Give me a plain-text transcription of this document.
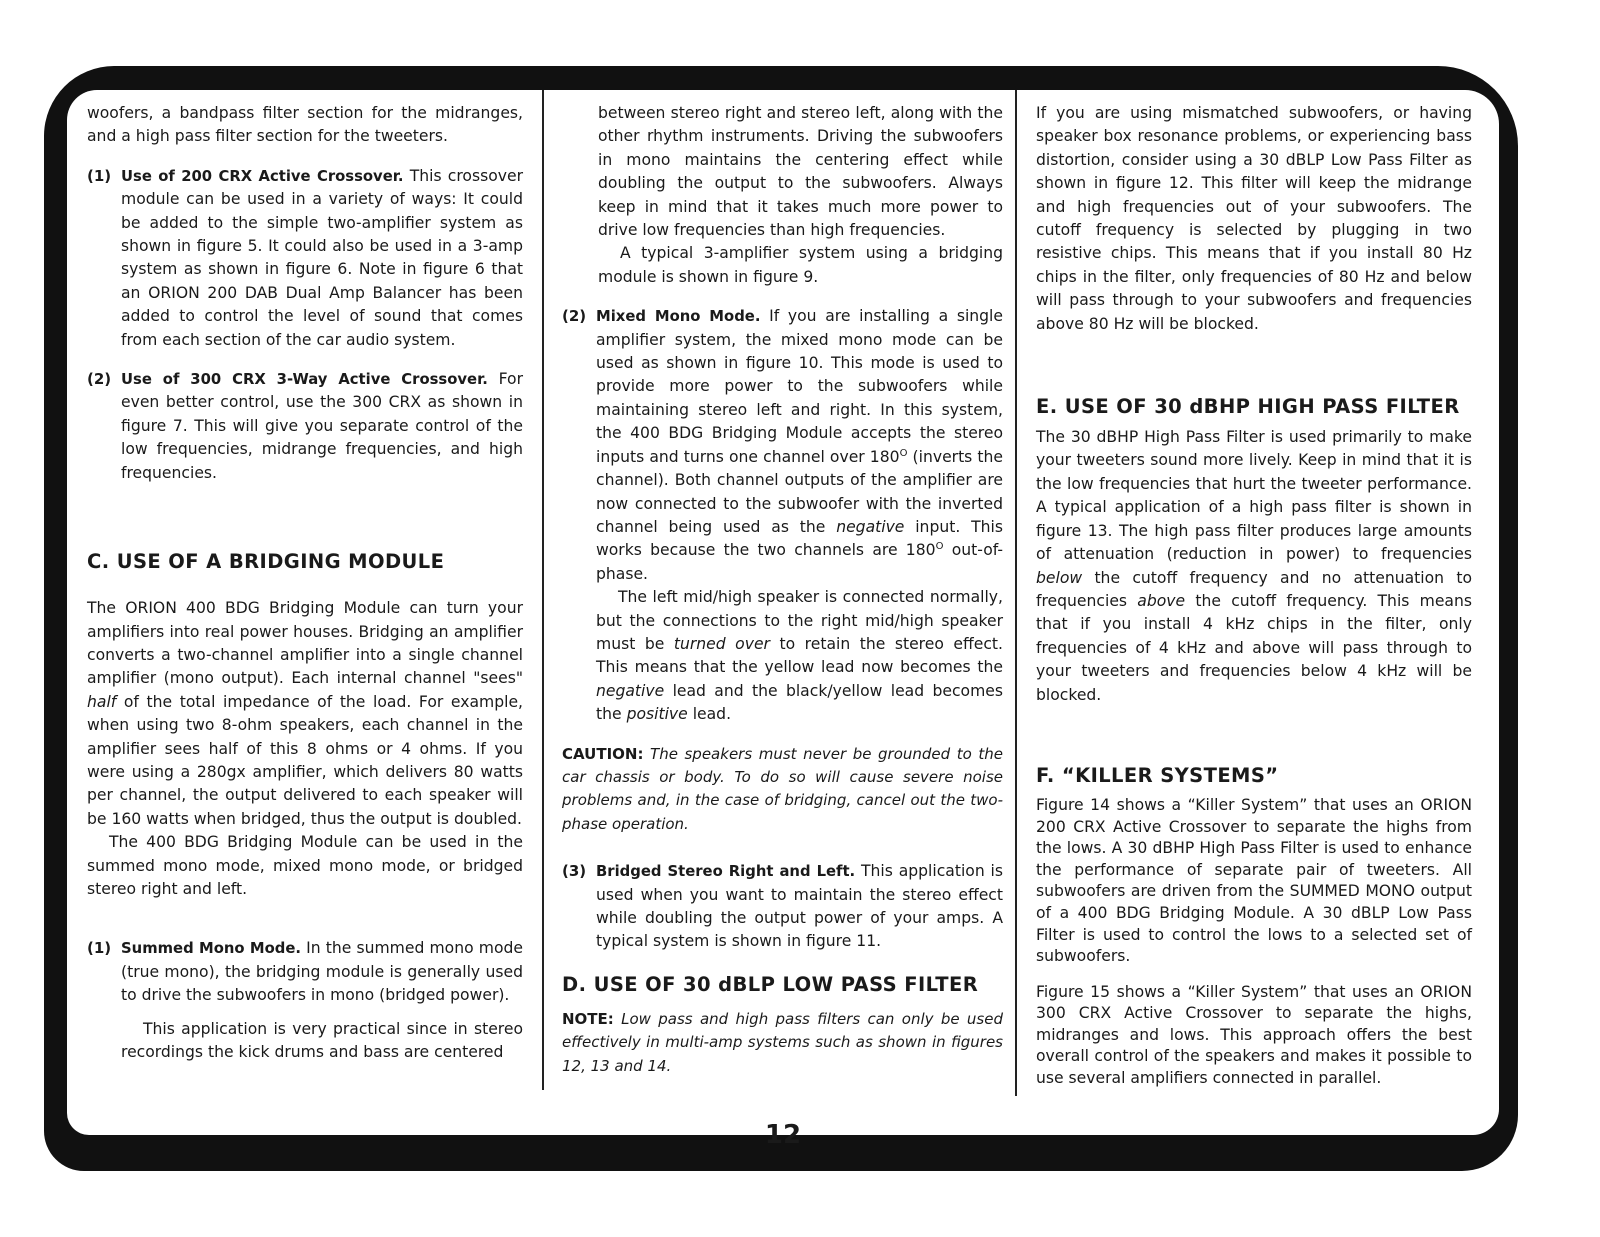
woofers, a bandpass filter section for the midranges, and a high pass filter section for the tweeters.

(1) Use of 200 CRX Active Crossover. This crossover module can be used in a variety of ways: It could be added to the simple two-amplifier system as shown in figure 5. It could also be used in a 3-amp system as shown in figure 6. Note in figure 6 that an ORION 200 DAB Dual Amp Balancer has been added to control the level of sound that comes from each section of the car audio system.
(2) Use of 300 CRX 3-Way Active Crossover. For even better control, use the 300 CRX as shown in figure 7. This will give you separate control of the low frequencies, midrange frequencies, and high frequencies.
C. USE OF A BRIDGING MODULE

The ORION 400 BDG Bridging Module can turn your amplifiers into real power houses. Bridging an amplifier converts a two-channel amplifier into a single channel amplifier (mono output). Each internal channel "sees" half of the total impedance of the load. For example, when using two 8-ohm speakers, each channel in the amplifier sees half of this 8 ohms or 4 ohms. If you were using a 280gx amplifier, which delivers 80 watts per channel, the output delivered to each speaker will be 160 watts when bridged, thus the output is doubled.

The 400 BDG Bridging Module can be used in the summed mono mode, mixed mono mode, or bridged stereo right and left.

(1) Summed Mono Mode. In the summed mono mode (true mono), the bridging module is generally used to drive the subwoofers in mono (bridged power).

This application is very practical since in stereo recordings the kick drums and bass are centered

between stereo right and stereo left, along with the other rhythm instruments. Driving the subwoofers in mono maintains the centering effect while doubling the output to the subwoofers. Always keep in mind that it takes much more power to drive low frequencies than high frequencies.

A typical 3-amplifier system using a bridging module is shown in figure 9.

(2) Mixed Mono Mode. If you are installing a single amplifier system, the mixed mono mode can be used as shown in figure 10. This mode is used to provide more power to the subwoofers while maintaining stereo left and right. In this system, the 400 BDG Bridging Module accepts the stereo inputs and turns one channel over $180^O$ (inverts the channel). Both channel outputs of the amplifier are now connected to the subwoofer with the inverted channel being used as the negative input. This works because the two channels are $180^O$ out-of-phase.

The left mid/high speaker is connected normally, but the connections to the right mid/high speaker must be turned over to retain the stereo effect. This means that the yellow lead now becomes the negative lead and the black/yellow lead becomes the positive lead.

CAUTION: The speakers must never be grounded to the car chassis or body. To do so will cause severe noise problems and, in the case of bridging, cancel out the two-phase operation.

(3) Bridged Stereo Right and Left. This application is used when you want to maintain the stereo effect while doubling the output power of your amps. A typical system is shown in figure 11.
D. USE OF 30 dBLP LOW PASS FILTER

NOTE: Low pass and high pass filters can only be used effectively in multi-amp systems such as shown in figures 12, 13 and 14.

If you are using mismatched subwoofers, or having speaker box resonance problems, or experiencing bass distortion, consider using a 30 dBLP Low Pass Filter as shown in figure 12. This filter will keep the midrange and high frequencies out of your subwoofers. The cutoff frequency is selected by plugging in two resistive chips. This means that if you install 80 Hz chips in the filter, only frequencies of 80 Hz and below will pass through to your subwoofers and frequencies above 80 Hz will be blocked.

E. USE OF 30 dBHP HIGH PASS FILTER

The 30 dBHP High Pass Filter is used primarily to make your tweeters sound more lively. Keep in mind that it is the low frequencies that hurt the tweeter performance. A typical application of a high pass filter is shown in figure 13. The high pass filter produces large amounts of attenuation (reduction in power) to frequencies below the cutoff frequency and no attenuation to frequencies above the cutoff frequency. This means that if you install 4 kHz chips in the filter, only frequencies of 4 kHz and above will pass through to your tweeters and frequencies below 4 kHz will be blocked.

F. “KILLER SYSTEMS”

Figure 14 shows a “Killer System” that uses an ORION 200 CRX Active Crossover to separate the highs from the lows. A 30 dBHP High Pass Filter is used to enhance the performance of separate pair of tweeters. All subwoofers are driven from the SUMMED MONO output of a 400 BDG Bridging Module. A 30 dBLP Low Pass Filter is used to control the lows to a selected set of subwoofers.

Figure 15 shows a “Killer System” that uses an ORION 300 CRX Active Crossover to separate the highs, midranges and lows. This approach offers the best overall control of the speakers and makes it possible to use several amplifiers connected in parallel.

12
